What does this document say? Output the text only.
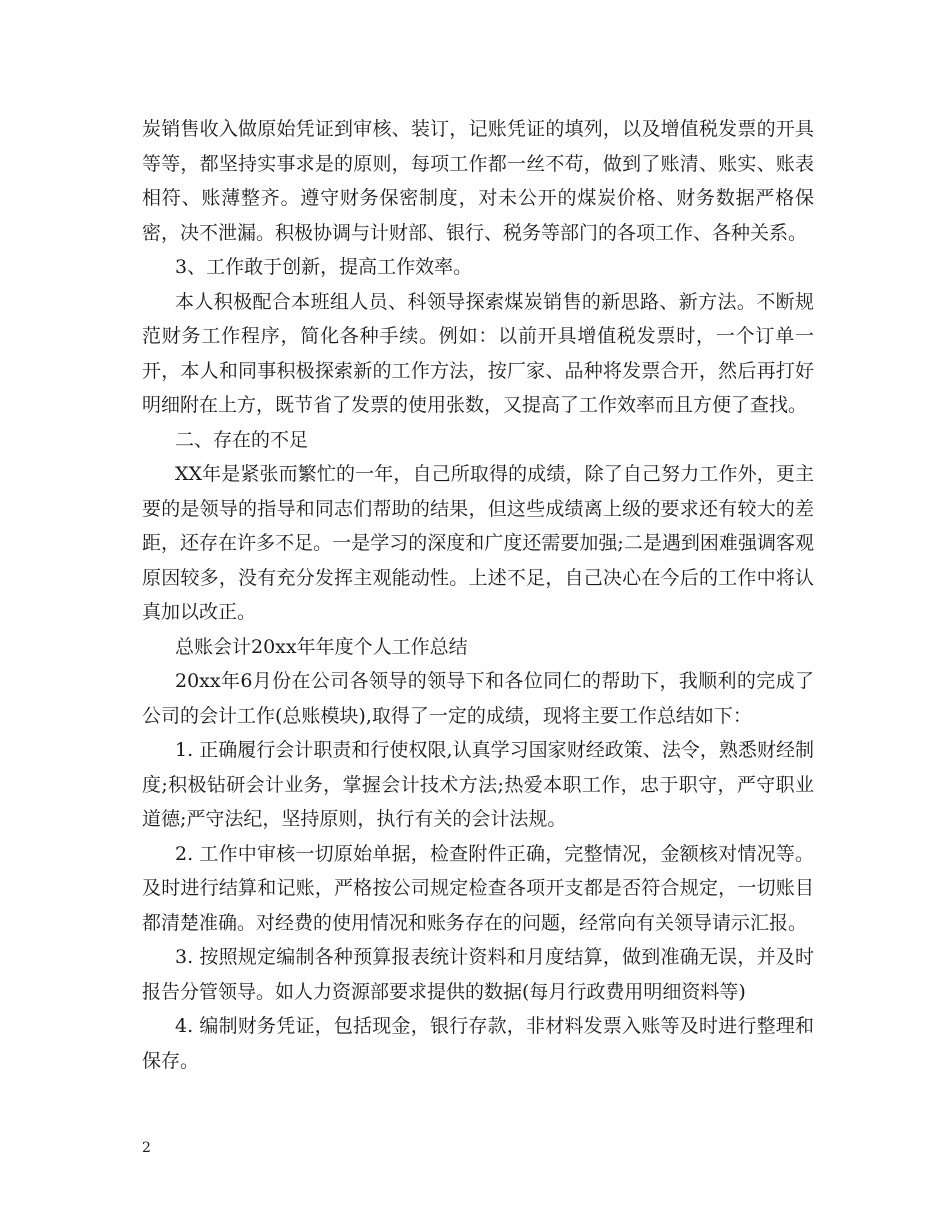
炭销售收入做原始凭证到审核、装订，记账凭证的填列，以及增值税发票的开具等等，都坚持实事求是的原则，每项工作都一丝不苟，做到了账清、账实、账表相符、账薄整齐。遵守财务保密制度，对未公开的煤炭价格、财务数据严格保密，决不泄漏。积极协调与计财部、银行、税务等部门的各项工作、各种关系。

3、工作敢于创新，提高工作效率。

本人积极配合本班组人员、科领导探索煤炭销售的新思路、新方法。不断规范财务工作程序，简化各种手续。例如：以前开具增值税发票时，一个订单一开，本人和同事积极探索新的工作方法，按厂家、品种将发票合开，然后再打好明细附在上方，既节省了发票的使用张数，又提高了工作效率而且方便了查找。

二、存在的不足

XX年是紧张而繁忙的一年，自己所取得的成绩，除了自己努力工作外，更主要的是领导的指导和同志们帮助的结果，但这些成绩离上级的要求还有较大的差距，还存在许多不足。一是学习的深度和广度还需要加强;二是遇到困难强调客观原因较多，没有充分发挥主观能动性。上述不足，自己决心在今后的工作中将认真加以改正。

总账会计20xx年年度个人工作总结

20xx年6月份在公司各领导的领导下和各位同仁的帮助下，我顺利的完成了公司的会计工作(总账模块),取得了一定的成绩，现将主要工作总结如下：

1. 正确履行会计职责和行使权限,认真学习国家财经政策、法令，熟悉财经制度;积极钻研会计业务，掌握会计技术方法;热爱本职工作，忠于职守，严守职业道德;严守法纪，坚持原则，执行有关的会计法规。

2. 工作中审核一切原始单据，检查附件正确，完整情况，金额核对情况等。及时进行结算和记账，严格按公司规定检查各项开支都是否符合规定，一切账目都清楚准确。对经费的使用情况和账务存在的问题，经常向有关领导请示汇报。

3. 按照规定编制各种预算报表统计资料和月度结算，做到准确无误，并及时报告分管领导。如人力资源部要求提供的数据(每月行政费用明细资料等)

4. 编制财务凭证，包括现金，银行存款，非材料发票入账等及时进行整理和保存。

2
